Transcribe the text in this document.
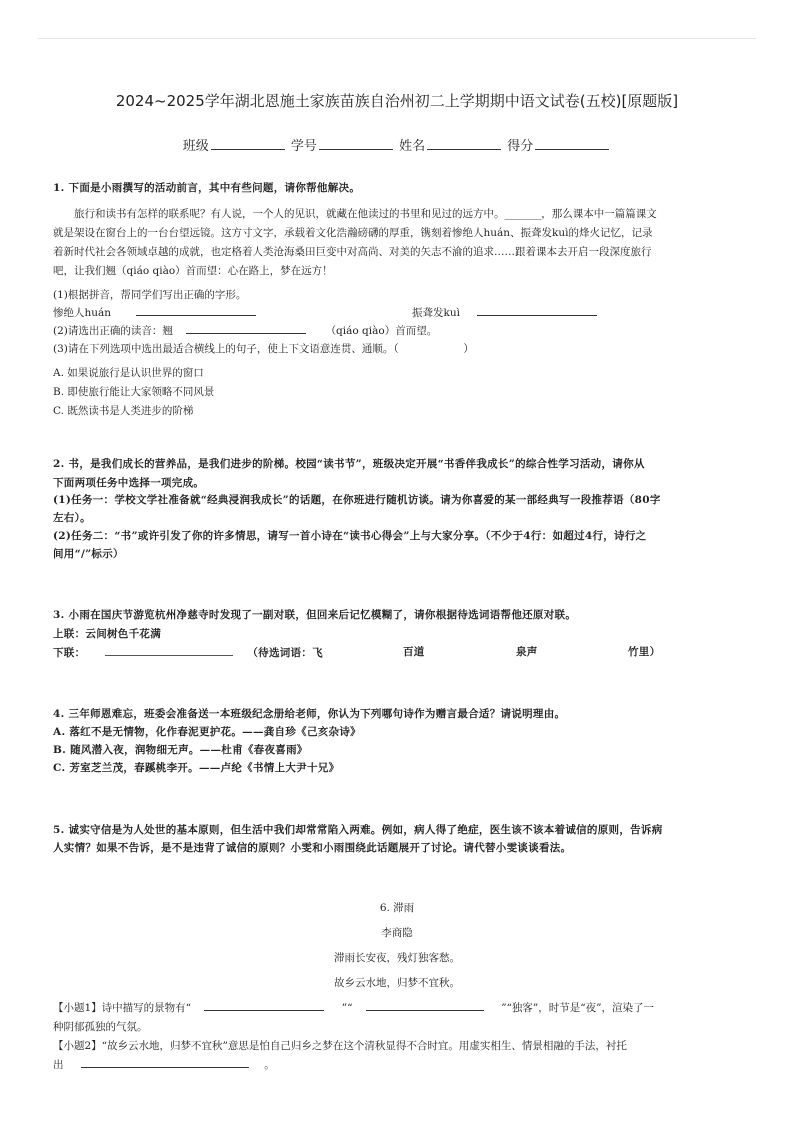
2024~2025学年湖北恩施土家族苗族自治州初二上学期期中语文试卷(五校)[原题版]
班级	学号	姓名	得分
1. 下面是小雨撰写的活动前言，其中有些问题，请你帮他解决。
旅行和读书有怎样的联系呢？有人说，一个人的见识，就藏在他读过的书里和见过的远方中。_______，那么课本中一篇篇课文
就是架设在窗台上的一台台望远镜。这方寸文字，承载着文化浩瀚磅礴的厚重，镌刻着惨绝人huán、振聋发kuì的烽火记忆，记录
着新时代社会各领域卓越的成就，也定格着人类沧海桑田巨变中对高尚、对美的矢志不渝的追求……跟着课本去开启一段深度旅行
吧，让我们翘（qiáo qiào）首而望：心在路上，梦在远方！
(1)根据拼音，帮同学们写出正确的字形。
惨绝人huán	振聋发kuì
(2)请选出正确的读音：翘	（qiáo qiào）首而望。
(3)请在下列选项中选出最适合横线上的句子，使上下文语意连贯、通顺。（	）
A. 如果说旅行是认识世界的窗口
B. 即使旅行能让大家领略不同风景
C. 既然读书是人类进步的阶梯
2. 书，是我们成长的营养品，是我们进步的阶梯。校园“读书节”，班级决定开展“书香伴我成长”的综合性学习活动，请你从
下面两项任务中选择一项完成。
(1)任务一：学校文学社准备就“经典浸润我成长”的话题，在你班进行随机访谈。请为你喜爱的某一部经典写一段推荐语（80字
左右）。
(2)任务二：“书”或许引发了你的许多情思，请写一首小诗在“读书心得会”上与大家分享。（不少于4行：如超过4行，诗行之
间用“/”标示）
3. 小雨在国庆节游览杭州净慈寺时发现了一副对联，但回来后记忆模糊了，请你根据待选词语帮他还原对联。
上联：云间树色千花满
下联：	（待选词语：飞	百道	泉声	竹里）
4. 三年师恩难忘，班委会准备送一本班级纪念册给老师，你认为下列哪句诗作为赠言最合适？请说明理由。
A. 落红不是无情物，化作春泥更护花。——龚自珍《己亥杂诗》
B. 随风潜入夜，润物细无声。——杜甫《春夜喜雨》
C. 芳室芝兰茂，春蹊桃李开。——卢纶《书情上大尹十兄》
5. 诚实守信是为人处世的基本原则，但生活中我们却常常陷入两难。例如，病人得了绝症，医生该不该本着诚信的原则，告诉病
人实情？如果不告诉，是不是违背了诚信的原则？小雯和小雨围绕此话题展开了讨论。请代替小雯谈谈看法。
6. 滞雨
李商隐
滞雨长安夜，残灯独客愁。
故乡云水地，归梦不宜秋。
【小题1】诗中描写的景物有“	”“	”“独客”，时节是“夜”，渲染了一
种阴郁孤独的气氛。
【小题2】“故乡云水地，归梦不宜秋”意思是怕自己归乡之梦在这个清秋显得不合时宜。用虚实相生、情景相融的手法，衬托
出	。
